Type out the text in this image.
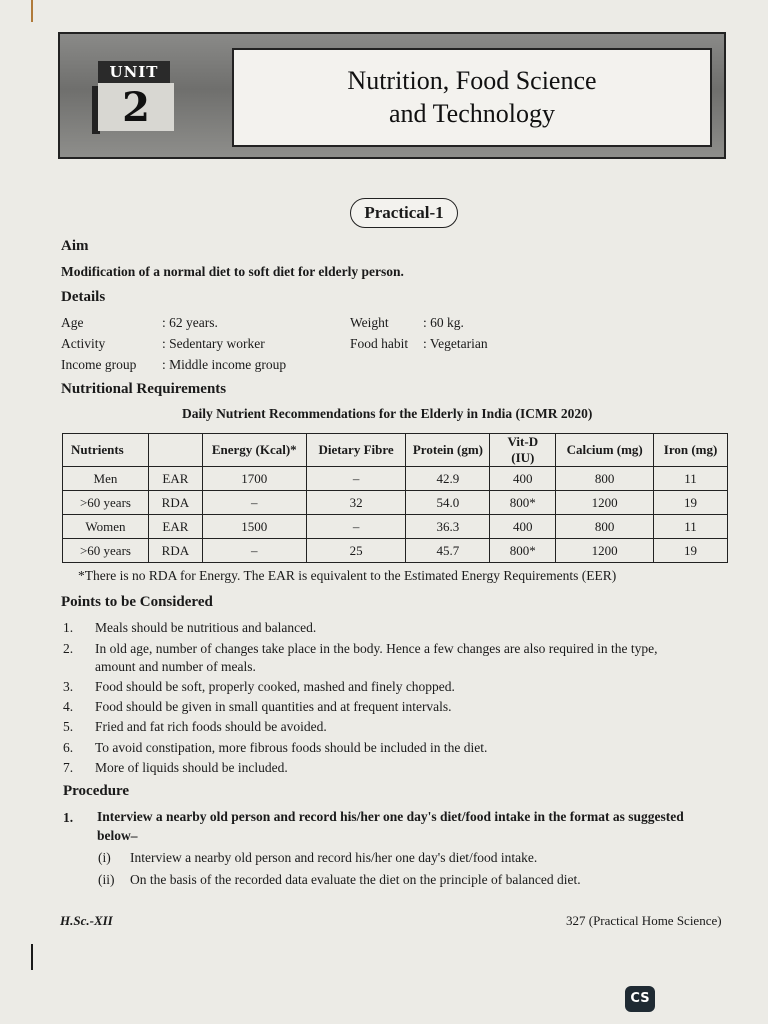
UNIT
2
Nutrition, Food Science
and Technology
Practical-1
Aim
Modification of a normal diet to soft diet for elderly person.
Details
Age	: 62 years.
Activity	: Sedentary worker
Income group : Middle income group
Weight	: 60 kg.
Food habit : Vegetarian
Nutritional Requirements
Daily Nutrient Recommendations for the Elderly in India (ICMR 2020)
Nutrients		Energy (Kcal)*	Dietary Fibre	Protein (gm)	Vit-D (IU)	Calcium (mg)	Iron (mg)
Men	EAR	1700	–	42.9	400	800	11
>60 years	RDA	–	32	54.0	800*	1200	19
Women	EAR	1500	–	36.3	400	800	11
>60 years	RDA	–	25	45.7	800*	1200	19
*There is no RDA for Energy. The EAR is equivalent to the Estimated Energy Requirements (EER)
Points to be Considered
1. Meals should be nutritious and balanced.
2. In old age, number of changes take place in the body. Hence a few changes are also required in the type,
amount and number of meals.
3. Food should be soft, properly cooked, mashed and finely chopped.
4. Food should be given in small quantities and at frequent intervals.
5. Fried and fat rich foods should be avoided.
6. To avoid constipation, more fibrous foods should be included in the diet.
7. More of liquids should be included.
Procedure
1. Interview a nearby old person and record his/her one day's diet/food intake in the format as suggested
below–
(i) Interview a nearby old person and record his/her one day's diet/food intake.
(ii) On the basis of the recorded data evaluate the diet on the principle of balanced diet.
H.Sc.-XII	327 (Practical Home Science)
CS
